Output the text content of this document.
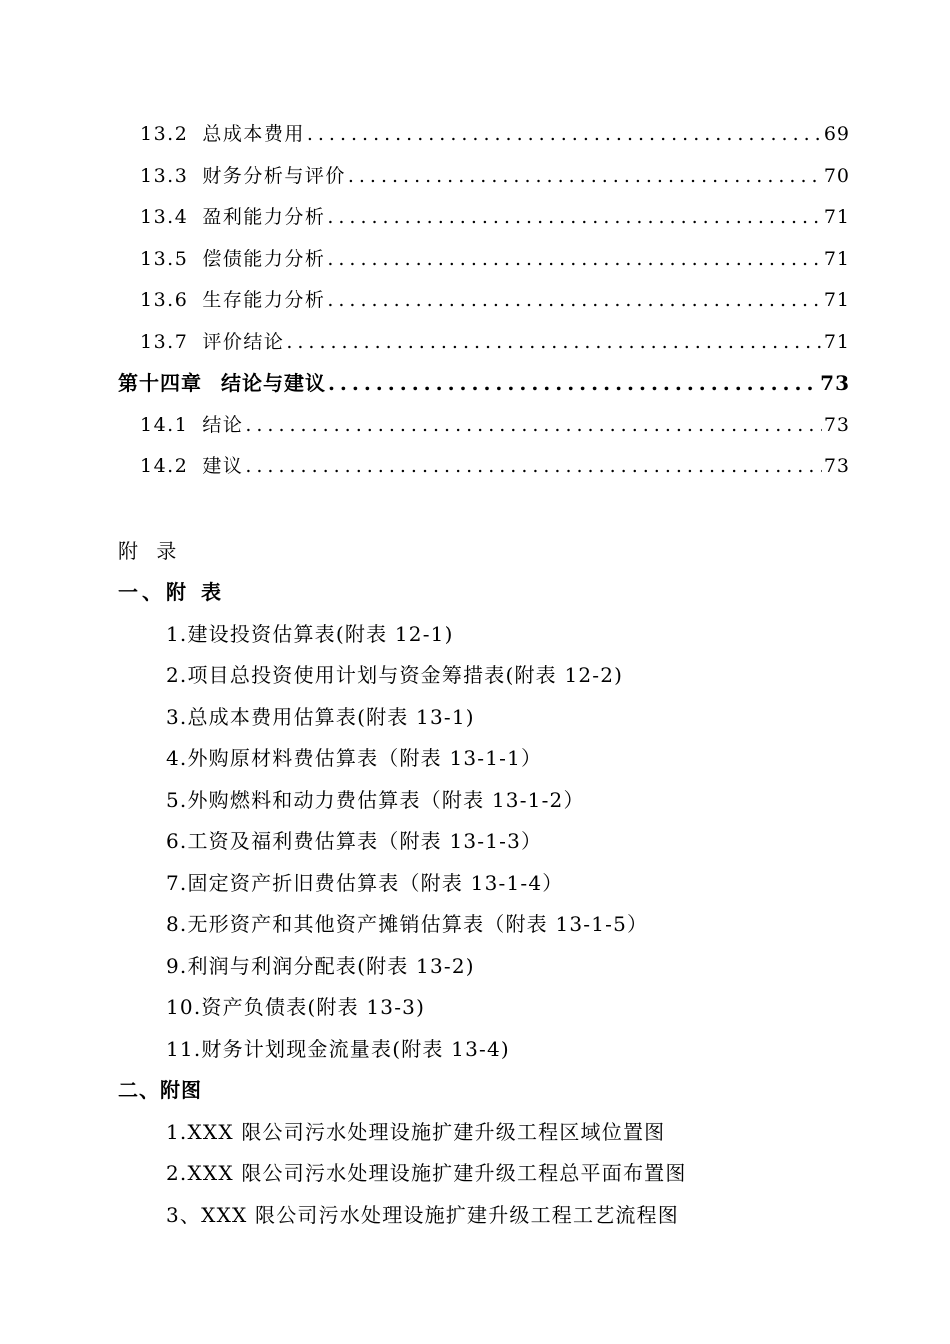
13.2 总成本费用 .....	69
13.3 财务分析与评价 .....	70
13.4 盈利能力分析 .....	71
13.5 偿债能力分析 .....	71
13.6 生存能力分析 .....	71
13.7 评价结论 .....	71
第十四章 结论与建议 .....	73
14.1 结论 .....	73
14.2 建议 .....	73
附 录
一、附 表
1.建设投资估算表(附表 12-1)
2.项目总投资使用计划与资金筹措表(附表 12-2)
3.总成本费用估算表(附表 13-1)
4.外购原材料费估算表（附表 13-1-1）
5.外购燃料和动力费估算表（附表 13-1-2）
6.工资及福利费估算表（附表 13-1-3）
7.固定资产折旧费估算表（附表 13-1-4）
8.无形资产和其他资产摊销估算表（附表 13-1-5）
9.利润与利润分配表(附表 13-2)
10.资产负债表(附表 13-3)
11.财务计划现金流量表(附表 13-4)
二、附图
1.XXX 限公司污水处理设施扩建升级工程区域位置图
2.XXX 限公司污水处理设施扩建升级工程总平面布置图
3、XXX 限公司污水处理设施扩建升级工程工艺流程图
